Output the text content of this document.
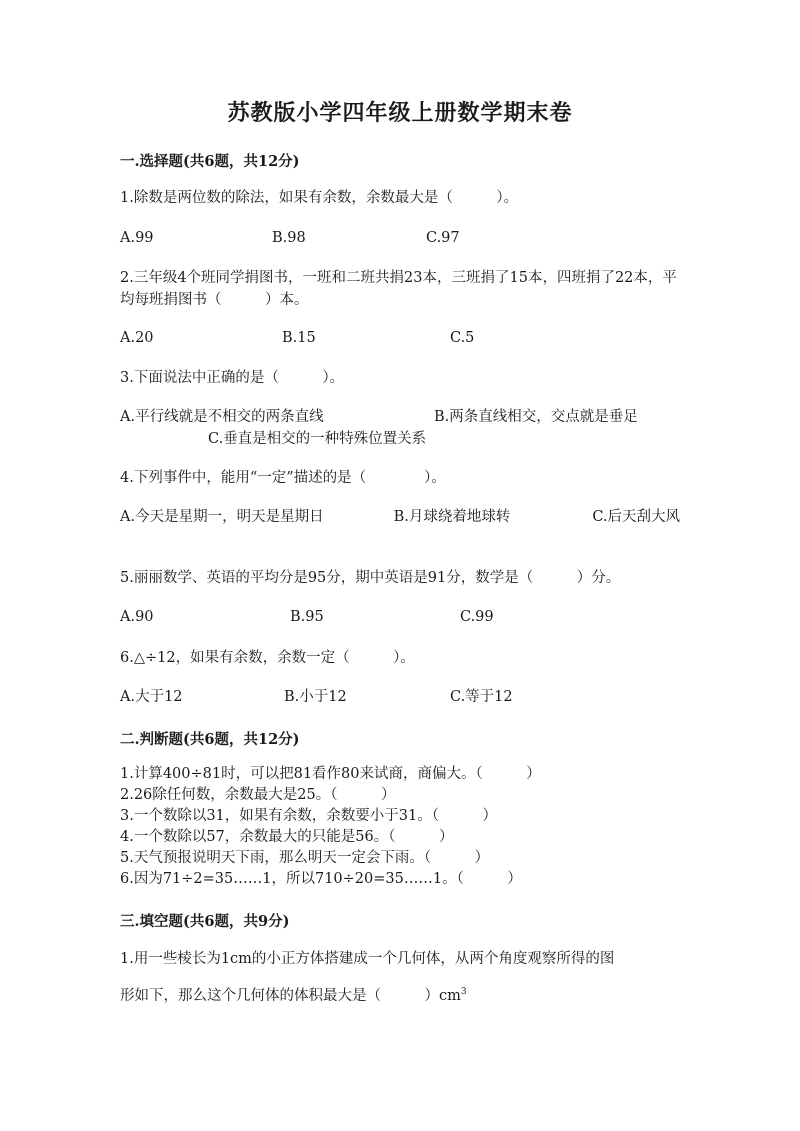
苏教版小学四年级上册数学期末卷
一.选择题(共6题，共12分)
1.除数是两位数的除法，如果有余数，余数最大是（　　　）。
A.99	B.98	C.97
2.三年级4个班同学捐图书，一班和二班共捐23本，三班捐了15本，四班捐了22本，平均每班捐图书（　　　）本。
A.20	B.15	C.5
3.下面说法中正确的是（　　　）。
A.平行线就是不相交的两条直线	B.两条直线相交，交点就是垂足
C.垂直是相交的一种特殊位置关系
4.下列事件中，能用“一定”描述的是（　　　　）。
A.今天是星期一，明天是星期日	B.月球绕着地球转	C.后天刮大风
5.丽丽数学、英语的平均分是95分，期中英语是91分，数学是（　　　）分。
A.90	B.95	C.99
6.△÷12，如果有余数，余数一定（　　　）。
A.大于12	B.小于12	C.等于12
二.判断题(共6题，共12分)
1.计算400÷81时，可以把81看作80来试商，商偏大。（　　　）
2.26除任何数，余数最大是25。（　　　）
3.一个数除以31，如果有余数，余数要小于31。（　　　）
4.一个数除以57，余数最大的只能是56。（　　　）
5.天气预报说明天下雨，那么明天一定会下雨。（　　　）
6.因为71÷2=35……1，所以710÷20=35……1。（　　　）
三.填空题(共6题，共9分)
1.用一些棱长为1cm的小正方体搭建成一个几何体，从两个角度观察所得的图
形如下，那么这个几何体的体积最大是（　　　）$cm^3$
